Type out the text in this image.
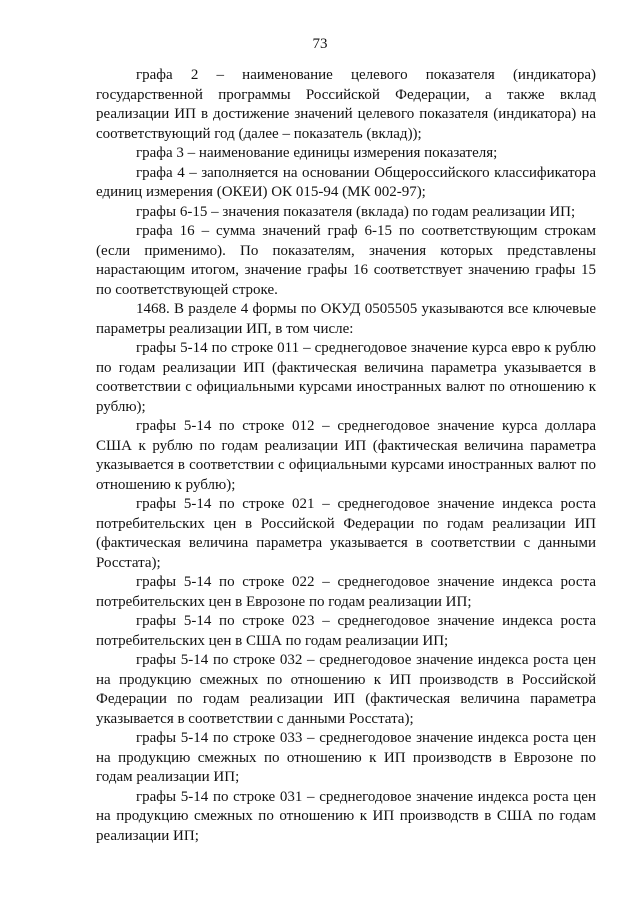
73

графа 2 – наименование целевого показателя (индикатора) государственной программы Российской Федерации, а также вклад реализации ИП в достижение значений целевого показателя (индикатора) на соответствующий год (далее – показатель (вклад));

графа 3 – наименование единицы измерения показателя;

графа 4 – заполняется на основании Общероссийского классификатора единиц измерения (ОКЕИ) ОК 015-94 (МК 002-97);

графы 6-15 – значения показателя (вклада) по годам реализации ИП;

графа 16 – сумма значений граф 6-15 по соответствующим строкам (если применимо). По показателям, значения которых представлены нарастающим итогом, значение графы 16 соответствует значению графы 15 по соответствующей строке.

1468. В разделе 4 формы по ОКУД 0505505 указываются все ключевые параметры реализации ИП, в том числе:

графы 5-14 по строке 011 – среднегодовое значение курса евро к рублю по годам реализации ИП (фактическая величина параметра указывается в соответствии с официальными курсами иностранных валют по отношению к рублю);

графы 5-14 по строке 012 – среднегодовое значение курса доллара США к рублю по годам реализации ИП (фактическая величина параметра указывается в соответствии с официальными курсами иностранных валют по отношению к рублю);

графы 5-14 по строке 021 – среднегодовое значение индекса роста потребительских цен в Российской Федерации по годам реализации ИП (фактическая величина параметра указывается в соответствии с данными Росстата);

графы 5-14 по строке 022 – среднегодовое значение индекса роста потребительских цен в Еврозоне по годам реализации ИП;

графы 5-14 по строке 023 – среднегодовое значение индекса роста потребительских цен в США по годам реализации ИП;

графы 5-14 по строке 032 – среднегодовое значение индекса роста цен на продукцию смежных по отношению к ИП производств в Российской Федерации по годам реализации ИП (фактическая величина параметра указывается в соответствии с данными Росстата);

графы 5-14 по строке 033 – среднегодовое значение индекса роста цен на продукцию смежных по отношению к ИП производств в Еврозоне по годам реализации ИП;

графы 5-14 по строке 031 – среднегодовое значение индекса роста цен на продукцию смежных по отношению к ИП производств в США по годам реализации ИП;
